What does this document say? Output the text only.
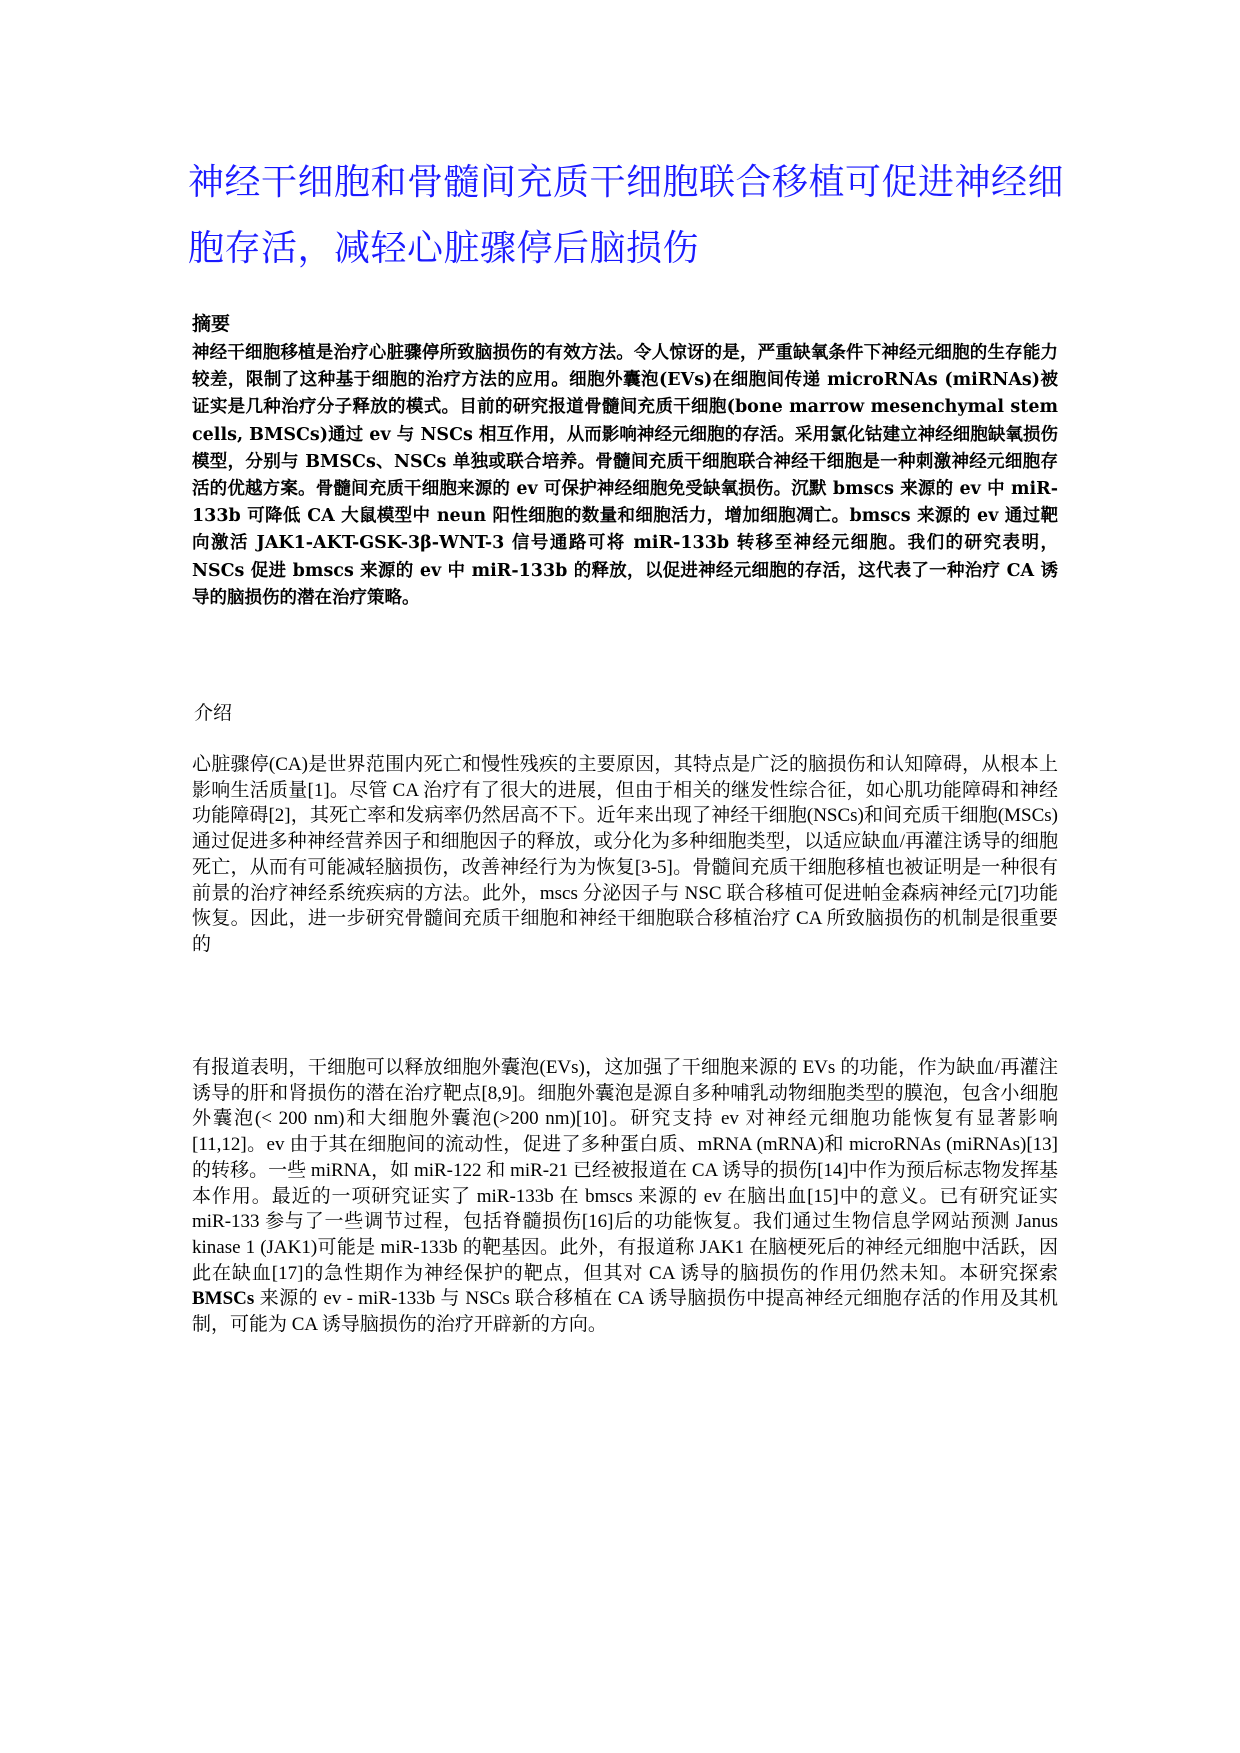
神经干细胞和骨髓间充质干细胞联合移植可促进神经细胞存活，减轻心脏骤停后脑损伤
摘要

神经干细胞移植是治疗心脏骤停所致脑损伤的有效方法。令人惊讶的是，严重缺氧条件下神经元细胞的生存能力较差，限制了这种基于细胞的治疗方法的应用。细胞外囊泡(EVs)在细胞间传递 microRNAs (miRNAs)被证实是几种治疗分子释放的模式。目前的研究报道骨髓间充质干细胞(bone marrow mesenchymal stem cells, BMSCs)通过 ev 与 NSCs 相互作用，从而影响神经元细胞的存活。采用氯化钴建立神经细胞缺氧损伤模型，分别与 BMSCs、NSCs 单独或联合培养。骨髓间充质干细胞联合神经干细胞是一种刺激神经元细胞存活的优越方案。骨髓间充质干细胞来源的 ev 可保护神经细胞免受缺氧损伤。沉默 bmscs 来源的 ev 中 miR-133b 可降低 CA 大鼠模型中 neun 阳性细胞的数量和细胞活力，增加细胞凋亡。bmscs 来源的 ev 通过靶向激活 JAK1-AKT-GSK-3β-WNT-3 信号通路可将 miR-133b 转移至神经元细胞。我们的研究表明，NSCs 促进 bmscs 来源的 ev 中 miR-133b 的释放，以促进神经元细胞的存活，这代表了一种治疗 CA 诱导的脑损伤的潜在治疗策略。

介绍

心脏骤停(CA)是世界范围内死亡和慢性残疾的主要原因，其特点是广泛的脑损伤和认知障碍，从根本上影响生活质量[1]。尽管 CA 治疗有了很大的进展，但由于相关的继发性综合征，如心肌功能障碍和神经功能障碍[2]，其死亡率和发病率仍然居高不下。近年来出现了神经干细胞(NSCs)和间充质干细胞(MSCs)通过促进多种神经营养因子和细胞因子的释放，或分化为多种细胞类型，以适应缺血/再灌注诱导的细胞死亡，从而有可能减轻脑损伤，改善神经行为为恢复[3-5]。骨髓间充质干细胞移植也被证明是一种很有前景的治疗神经系统疾病的方法。此外，mscs 分泌因子与 NSC 联合移植可促进帕金森病神经元[7]功能恢复。因此，进一步研究骨髓间充质干细胞和神经干细胞联合移植治疗 CA 所致脑损伤的机制是很重要的

有报道表明，干细胞可以释放细胞外囊泡(EVs)，这加强了干细胞来源的 EVs 的功能，作为缺血/再灌注诱导的肝和肾损伤的潜在治疗靶点[8,9]。细胞外囊泡是源自多种哺乳动物细胞类型的膜泡，包含小细胞外囊泡(< 200 nm)和大细胞外囊泡(>200 nm)[10]。研究支持 ev 对神经元细胞功能恢复有显著影响[11,12]。ev 由于其在细胞间的流动性，促进了多种蛋白质、mRNA (mRNA)和 microRNAs (miRNAs)[13]的转移。一些 miRNA，如 miR-122 和 miR-21 已经被报道在 CA 诱导的损伤[14]中作为预后标志物发挥基本作用。最近的一项研究证实了 miR-133b 在 bmscs 来源的 ev 在脑出血[15]中的意义。已有研究证实 miR-133 参与了一些调节过程，包括脊髓损伤[16]后的功能恢复。我们通过生物信息学网站预测 Janus kinase 1 (JAK1)可能是 miR-133b 的靶基因。此外，有报道称 JAK1 在脑梗死后的神经元细胞中活跃，因此在缺血[17]的急性期作为神经保护的靶点，但其对 CA 诱导的脑损伤的作用仍然未知。本研究探索 BMSCs 来源的 ev - miR-133b 与 NSCs 联合移植在 CA 诱导脑损伤中提高神经元细胞存活的作用及其机制，可能为 CA 诱导脑损伤的治疗开辟新的方向。
